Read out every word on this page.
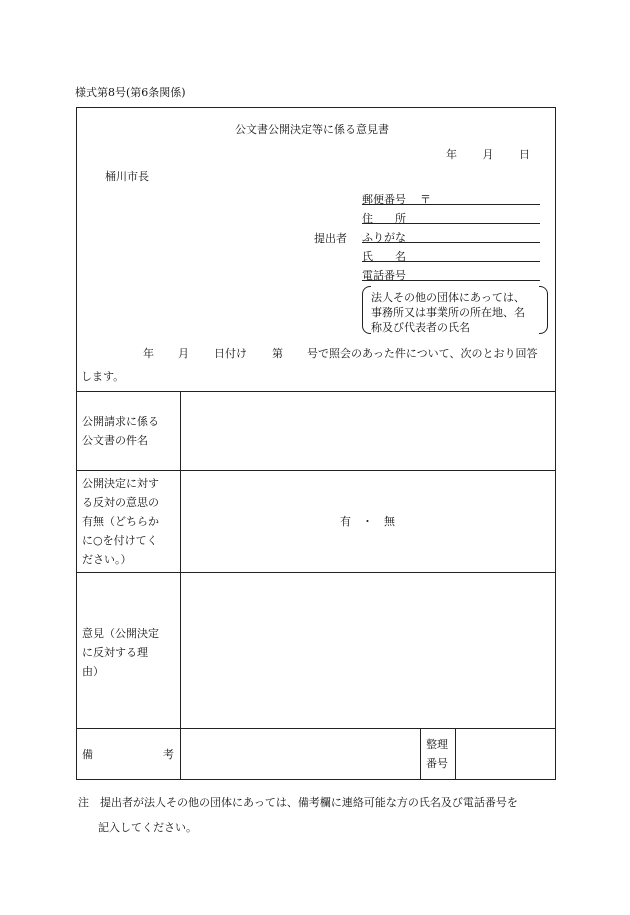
様式第8号(第6条関係)
公文書公開決定等に係る意見書
年 月 日
桶川市長
提出者
郵便番号 〒
住　　所
ふりがな
氏　　名
電話番号
法人その他の団体にあっては、
事務所又は事業所の所在地、名
称及び代表者の氏名
年 月 日付け 第 号で照会のあった件について、次のとおり回答
します。
公開請求に係る
公文書の件名
公開決定に対す
る反対の意思の
有無（どちらか
に○を付けてく
ださい。）
有　・　無
意見（公開決定
に反対する理
由）
備	考
整理
番号
注　提出者が法人その他の団体にあっては、備考欄に連絡可能な方の氏名及び電話番号を
記入してください。
